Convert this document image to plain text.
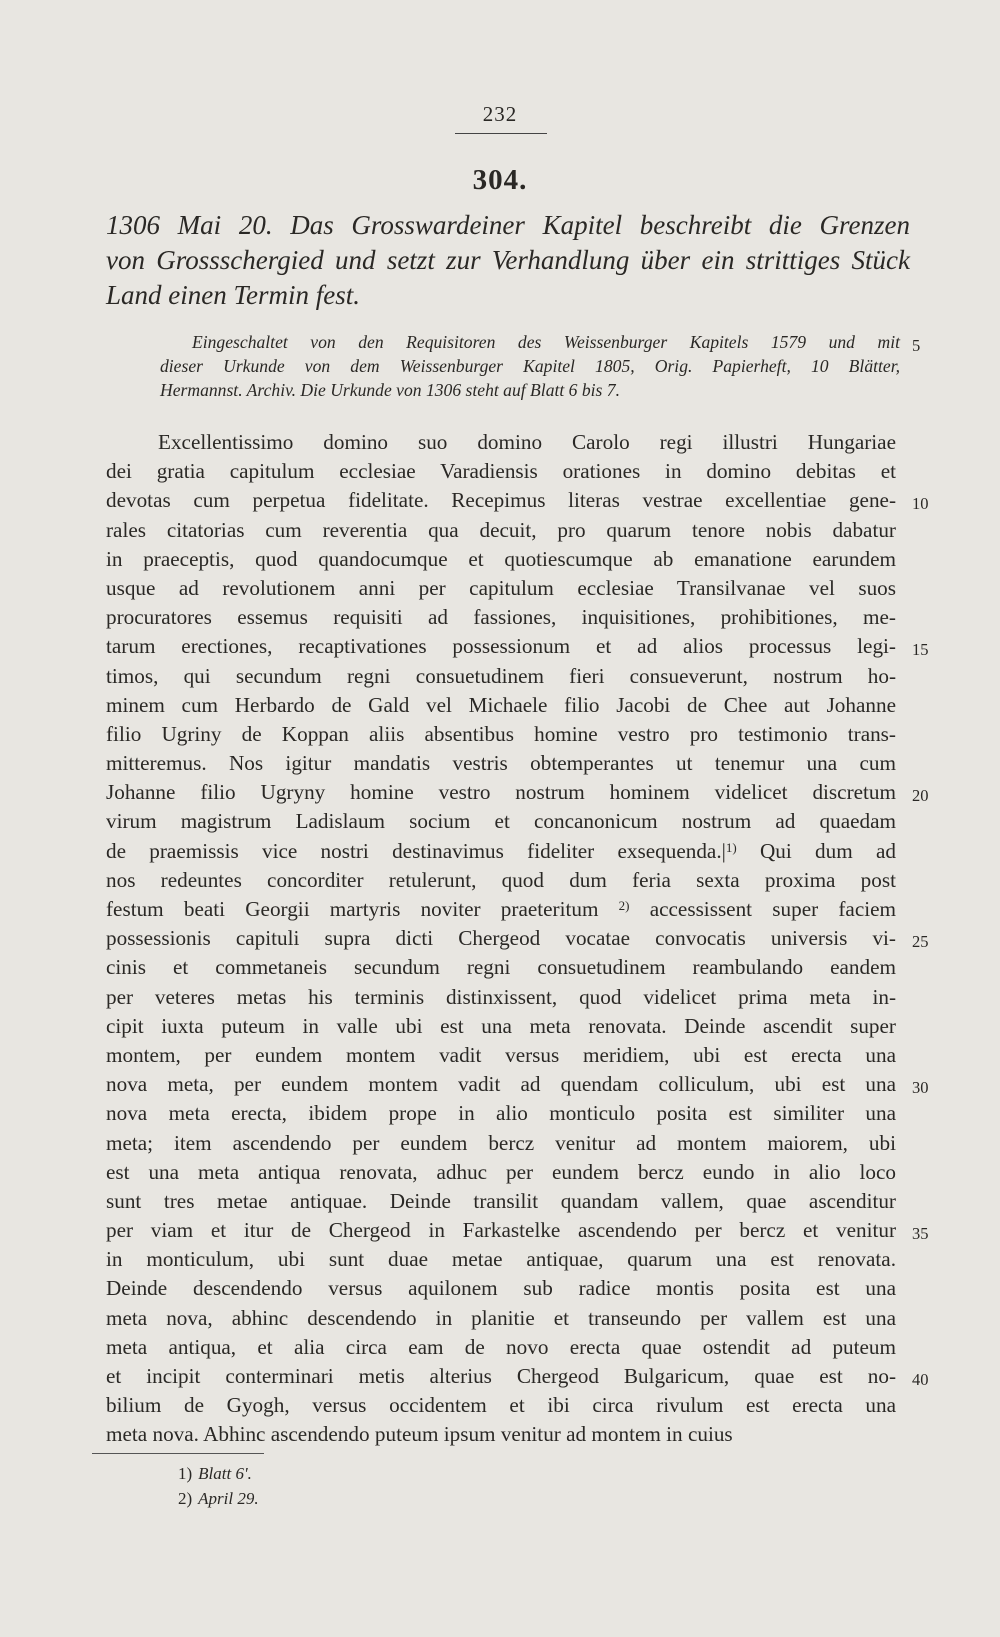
232
304.
1306 Mai 20. Das Grosswardeiner Kapitel beschreibt die Grenzen
von Grossschergied und setzt zur Verhandlung über ein strittiges Stück
Land einen Termin fest.
Eingeschaltet von den Requisitoren des Weissenburger Kapitels 1579 und mit
dieser Urkunde von dem Weissenburger Kapitel 1805, Orig. Papierheft, 10 Blätter,
Hermannst. Archiv. Die Urkunde von 1306 steht auf Blatt 6 bis 7.
Excellentissimo domino suo domino Carolo regi illustri Hungariae
dei gratia capitulum ecclesiae Varadiensis orationes in domino debitas et
devotas cum perpetua fidelitate. Recepimus literas vestrae excellentiae gene-
rales citatorias cum reverentia qua decuit, pro quarum tenore nobis dabatur
in praeceptis, quod quandocumque et quotiescumque ab emanatione earundem
usque ad revolutionem anni per capitulum ecclesiae Transilvanae vel suos
procuratores essemus requisiti ad fassiones, inquisitiones, prohibitiones, me-
tarum erectiones, recaptivationes possessionum et ad alios processus legi-
timos, qui secundum regni consuetudinem fieri consueverunt, nostrum ho-
minem cum Herbardo de Gald vel Michaele filio Jacobi de Chee aut Johanne
filio Ugriny de Koppan aliis absentibus homine vestro pro testimonio trans-
mitteremus. Nos igitur mandatis vestris obtemperantes ut tenemur una cum
Johanne filio Ugryny homine vestro nostrum hominem videlicet discretum
virum magistrum Ladislaum socium et concanonicum nostrum ad quaedam
de praemissis vice nostri destinavimus fideliter $exsequenda.|^{1)}$ Qui dum ad
nos redeuntes concorditer retulerunt, quod dum feria sexta proxima post
festum beati Georgii martyris noviter praeteritum $^{2)}$ accessissent super faciem
possessionis capituli supra dicti Chergeod vocatae convocatis universis vi-
cinis et commetaneis secundum regni consuetudinem reambulando eandem
per veteres metas his terminis distinxissent, quod videlicet prima meta in-
cipit iuxta puteum in valle ubi est una meta renovata. Deinde ascendit super
montem, per eundem montem vadit versus meridiem, ubi est erecta una
nova meta, per eundem montem vadit ad quendam colliculum, ubi est una
nova meta erecta, ibidem prope in alio monticulo posita est similiter una
meta; item ascendendo per eundem bercz venitur ad montem maiorem, ubi
est una meta antiqua renovata, adhuc per eundem bercz eundo in alio loco
sunt tres metae antiquae. Deinde transilit quandam vallem, quae ascenditur
per viam et itur de Chergeod in Farkastelke ascendendo per bercz et venitur
in monticulum, ubi sunt duae metae antiquae, quarum una est renovata.
Deinde descendendo versus aquilonem sub radice montis posita est una
meta nova, abhinc descendendo in planitie et transeundo per vallem est una
meta antiqua, et alia circa eam de novo erecta quae ostendit ad puteum
et incipit conterminari metis alterius Chergeod Bulgaricum, quae est no-
bilium de Gyogh, versus occidentem et ibi circa rivulum est erecta una
meta nova. Abhinc ascendendo puteum ipsum venitur ad montem in cuius
5
10
15
20
25
30
35
40
1) Blatt 6'.
2) April 29.
